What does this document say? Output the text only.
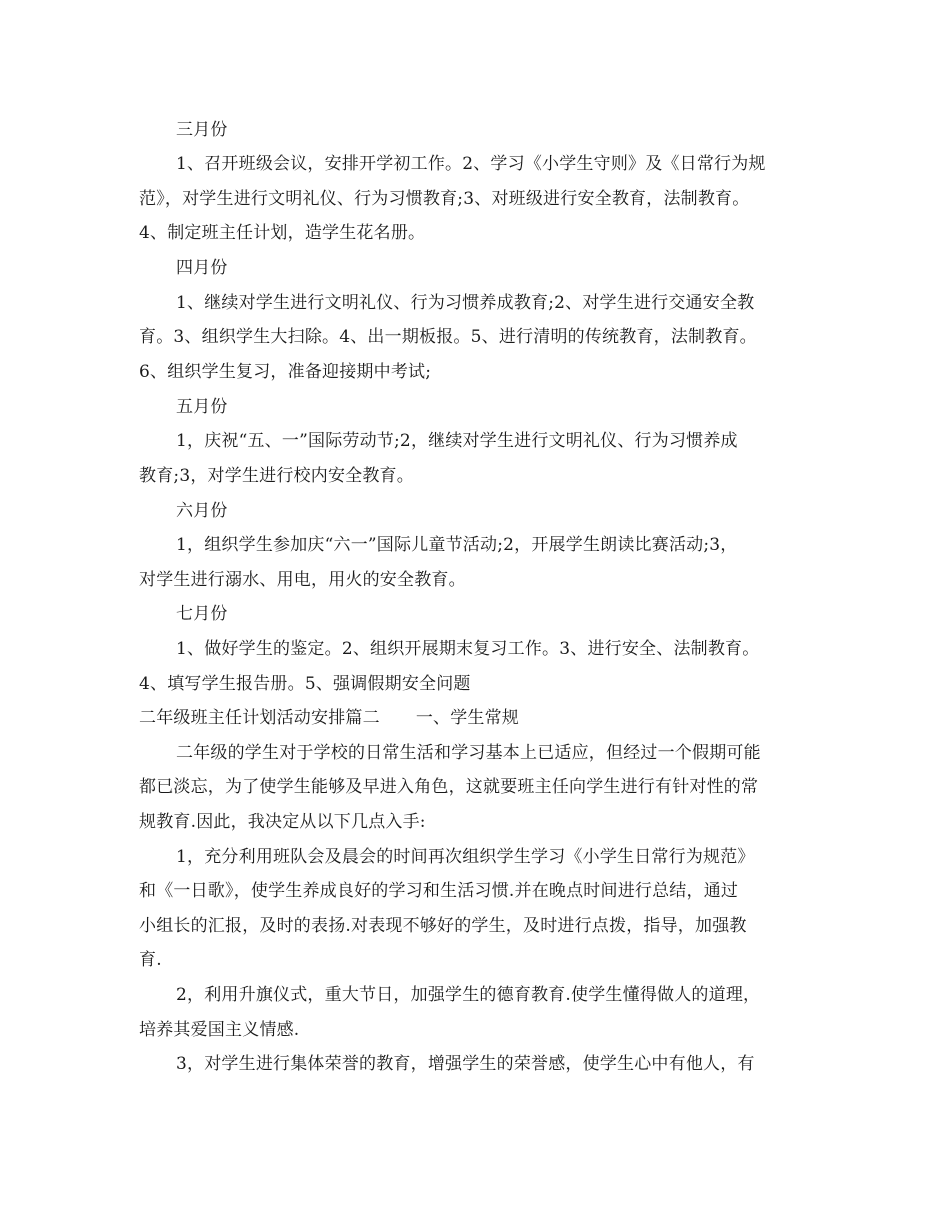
三月份
1、召开班级会议，安排开学初工作。2、学习《小学生守则》及《日常行为规
范》，对学生进行文明礼仪、行为习惯教育;3、对班级进行安全教育，法制教育。
4、制定班主任计划，造学生花名册。
四月份
1、继续对学生进行文明礼仪、行为习惯养成教育;2、对学生进行交通安全教
育。3、组织学生大扫除。4、出一期板报。5、进行清明的传统教育，法制教育。
6、组织学生复习，准备迎接期中考试;
五月份
1，庆祝“五、一”国际劳动节;2，继续对学生进行文明礼仪、行为习惯养成
教育;3，对学生进行校内安全教育。
六月份
1，组织学生参加庆“六一”国际儿童节活动;2，开展学生朗读比赛活动;3，
对学生进行溺水、用电，用火的安全教育。
七月份
1、做好学生的鉴定。2、组织开展期末复习工作。3、进行安全、法制教育。
4、填写学生报告册。5、强调假期安全问题
二年级班主任计划活动安排篇二 一、学生常规
二年级的学生对于学校的日常生活和学习基本上已适应，但经过一个假期可能
都已淡忘，为了使学生能够及早进入角色，这就要班主任向学生进行有针对性的常
规教育.因此，我决定从以下几点入手:
1，充分利用班队会及晨会的时间再次组织学生学习《小学生日常行为规范》
和《一日歌》，使学生养成良好的学习和生活习惯.并在晚点时间进行总结，通过
小组长的汇报，及时的表扬.对表现不够好的学生，及时进行点拨，指导，加强教
育.
2，利用升旗仪式，重大节日，加强学生的德育教育.使学生懂得做人的道理，
培养其爱国主义情感.
3，对学生进行集体荣誉的教育，增强学生的荣誉感，使学生心中有他人，有
